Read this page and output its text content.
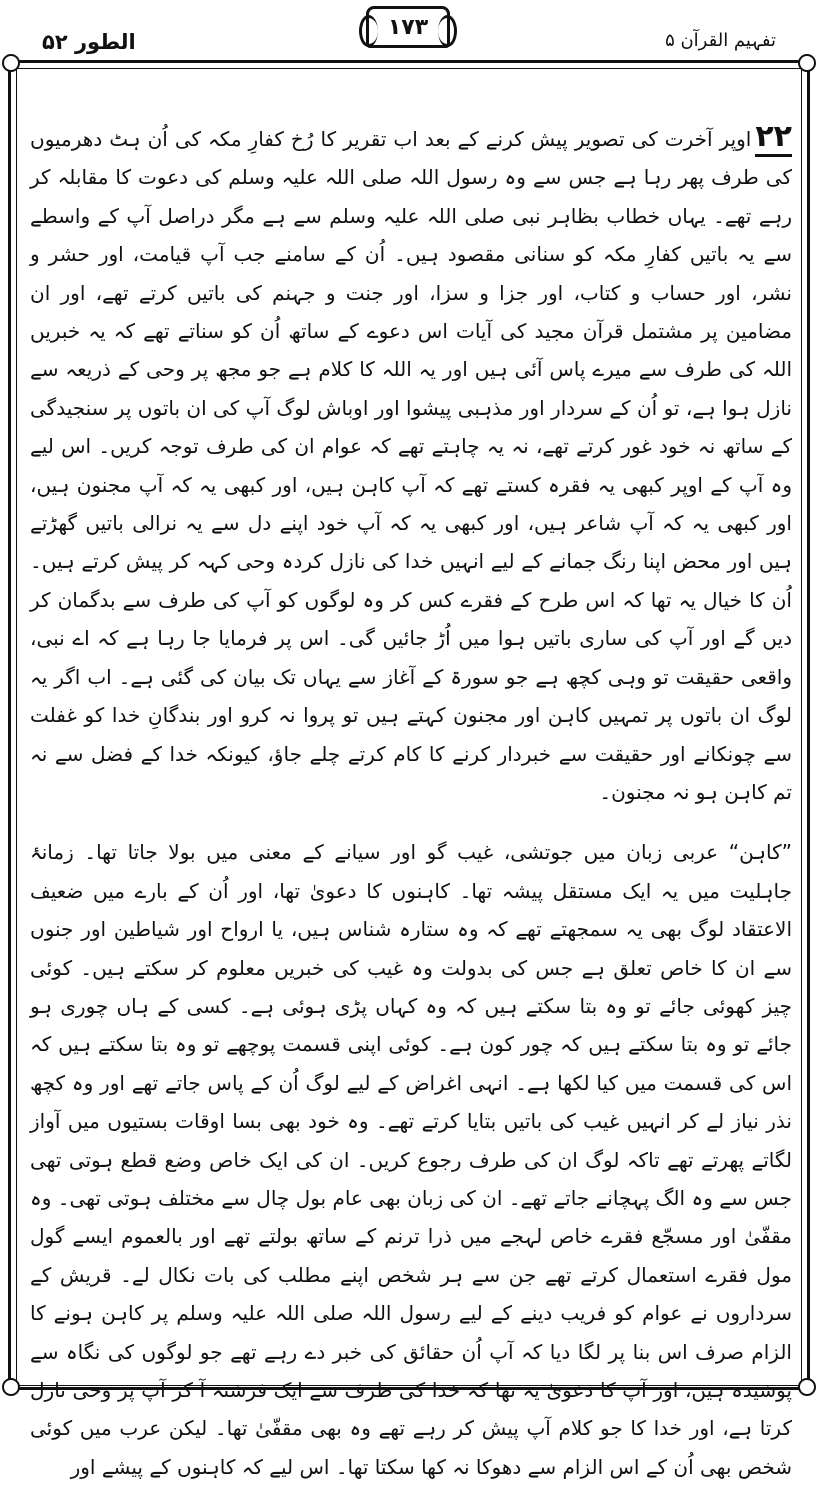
الطور ۵۲
۱۷۳
تفہیم القرآن ۵

۲۲اوپر آخرت کی تصویر پیش کرنے کے بعد اب تقریر کا رُخ کفارِ مکہ کی اُن ہٹ دھرمیوں کی طرف پھر رہا ہے جس سے وہ رسول اللہ صلی اللہ علیہ وسلم کی دعوت کا مقابلہ کر رہے تھے۔ یہاں خطاب بظاہر نبی صلی اللہ علیہ وسلم سے ہے مگر دراصل آپ کے واسطے سے یہ باتیں کفارِ مکہ کو سنانی مقصود ہیں۔ اُن کے سامنے جب آپ قیامت، اور حشر و نشر، اور حساب و کتاب، اور جزا و سزا، اور جنت و جہنم کی باتیں کرتے تھے، اور ان مضامین پر مشتمل قرآن مجید کی آیات اس دعوے کے ساتھ اُن کو سناتے تھے کہ یہ خبریں اللہ کی طرف سے میرے پاس آئی ہیں اور یہ اللہ کا کلام ہے جو مجھ پر وحی کے ذریعہ سے نازل ہوا ہے، تو اُن کے سردار اور مذہبی پیشوا اور اوباش لوگ آپ کی ان باتوں پر سنجیدگی کے ساتھ نہ خود غور کرتے تھے، نہ یہ چاہتے تھے کہ عوام ان کی طرف توجہ کریں۔ اس لیے وہ آپ کے اوپر کبھی یہ فقرہ کستے تھے کہ آپ کاہن ہیں، اور کبھی یہ کہ آپ مجنون ہیں، اور کبھی یہ کہ آپ شاعر ہیں، اور کبھی یہ کہ آپ خود اپنے دل سے یہ نرالی باتیں گھڑتے ہیں اور محض اپنا رنگ جمانے کے لیے انہیں خدا کی نازل کردہ وحی کہہ کر پیش کرتے ہیں۔ اُن کا خیال یہ تھا کہ اس طرح کے فقرے کس کر وہ لوگوں کو آپ کی طرف سے بدگمان کر دیں گے اور آپ کی ساری باتیں ہوا میں اُڑ جائیں گی۔ اس پر فرمایا جا رہا ہے کہ اے نبی، واقعی حقیقت تو وہی کچھ ہے جو سورۃ کے آغاز سے یہاں تک بیان کی گئی ہے۔ اب اگر یہ لوگ ان باتوں پر تمہیں کاہن اور مجنون کہتے ہیں تو پروا نہ کرو اور بندگانِ خدا کو غفلت سے چونکانے اور حقیقت سے خبردار کرنے کا کام کرتے چلے جاؤ، کیونکہ خدا کے فضل سے نہ تم کاہن ہو نہ مجنون۔

”کاہن“ عربی زبان میں جوتشی، غیب گو اور سیانے کے معنی میں بولا جاتا تھا۔ زمانۂ جاہلیت میں یہ ایک مستقل پیشہ تھا۔ کاہنوں کا دعویٰ تھا، اور اُن کے بارے میں ضعیف الاعتقاد لوگ بھی یہ سمجھتے تھے کہ وہ ستارہ شناس ہیں، یا ارواح اور شیاطین اور جنوں سے ان کا خاص تعلق ہے جس کی بدولت وہ غیب کی خبریں معلوم کر سکتے ہیں۔ کوئی چیز کھوئی جائے تو وہ بتا سکتے ہیں کہ وہ کہاں پڑی ہوئی ہے۔ کسی کے ہاں چوری ہو جائے تو وہ بتا سکتے ہیں کہ چور کون ہے۔ کوئی اپنی قسمت پوچھے تو وہ بتا سکتے ہیں کہ اس کی قسمت میں کیا لکھا ہے۔ انہی اغراض کے لیے لوگ اُن کے پاس جاتے تھے اور وہ کچھ نذر نیاز لے کر انہیں غیب کی باتیں بتایا کرتے تھے۔ وہ خود بھی بسا اوقات بستیوں میں آواز لگاتے پھرتے تھے تاکہ لوگ ان کی طرف رجوع کریں۔ ان کی ایک خاص وضع قطع ہوتی تھی جس سے وہ الگ پہچانے جاتے تھے۔ ان کی زبان بھی عام بول چال سے مختلف ہوتی تھی۔ وہ مقفّیٰ اور مسجّع فقرے خاص لہجے میں ذرا ترنم کے ساتھ بولتے تھے اور بالعموم ایسے گول مول فقرے استعمال کرتے تھے جن سے ہر شخص اپنے مطلب کی بات نکال لے۔ قریش کے سرداروں نے عوام کو فریب دینے کے لیے رسول اللہ صلی اللہ علیہ وسلم پر کاہن ہونے کا الزام صرف اس بنا پر لگا دیا کہ آپ اُن حقائق کی خبر دے رہے تھے جو لوگوں کی نگاہ سے پوشیدہ ہیں، اور آپ کا دعویٰ یہ تھا کہ خدا کی طرف سے ایک فرشتہ آ کر آپ پر وحی نازل کرتا ہے، اور خدا کا جو کلام آپ پیش کر رہے تھے وہ بھی مقفّیٰ تھا۔ لیکن عرب میں کوئی شخص بھی اُن کے اس الزام سے دھوکا نہ کھا سکتا تھا۔ اس لیے کہ کاہنوں کے پیشے اور
